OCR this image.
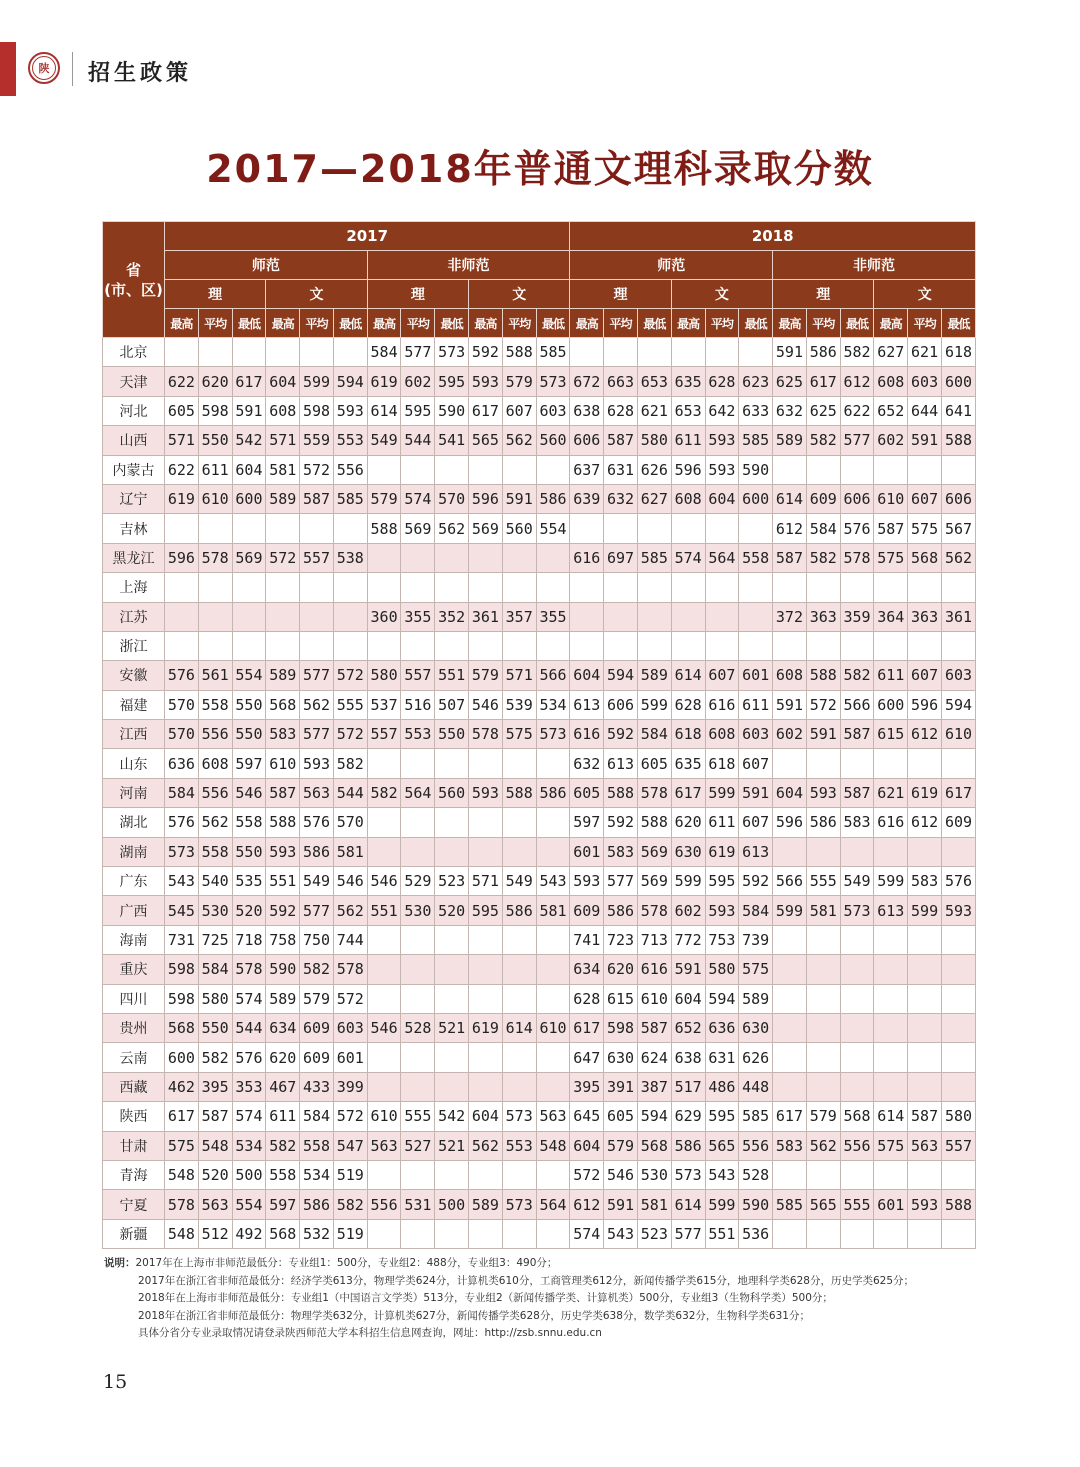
陕 招生政策
2017—2018年普通文理科录取分数
省
(市、区)	2017												2018											
	师范						非师范						师范						非师范					
	理			文			理			文			理			文			理			文		
	最高	平均	最低	最高	平均	最低	最高	平均	最低	最高	平均	最低	最高	平均	最低	最高	平均	最低	最高	平均	最低	最高	平均	最低
北京							584	577	573	592	588	585							591	586	582	627	621	618
天津	622	620	617	604	599	594	619	602	595	593	579	573	672	663	653	635	628	623	625	617	612	608	603	600
河北	605	598	591	608	598	593	614	595	590	617	607	603	638	628	621	653	642	633	632	625	622	652	644	641
山西	571	550	542	571	559	553	549	544	541	565	562	560	606	587	580	611	593	585	589	582	577	602	591	588
内蒙古	622	611	604	581	572	556							637	631	626	596	593	590						
辽宁	619	610	600	589	587	585	579	574	570	596	591	586	639	632	627	608	604	600	614	609	606	610	607	606
吉林							588	569	562	569	560	554							612	584	576	587	575	567
黑龙江	596	578	569	572	557	538							616	697	585	574	564	558	587	582	578	575	568	562
上海																								
江苏							360	355	352	361	357	355							372	363	359	364	363	361
浙江																								
安徽	576	561	554	589	577	572	580	557	551	579	571	566	604	594	589	614	607	601	608	588	582	611	607	603
福建	570	558	550	568	562	555	537	516	507	546	539	534	613	606	599	628	616	611	591	572	566	600	596	594
江西	570	556	550	583	577	572	557	553	550	578	575	573	616	592	584	618	608	603	602	591	587	615	612	610
山东	636	608	597	610	593	582							632	613	605	635	618	607						
河南	584	556	546	587	563	544	582	564	560	593	588	586	605	588	578	617	599	591	604	593	587	621	619	617
湖北	576	562	558	588	576	570							597	592	588	620	611	607	596	586	583	616	612	609
湖南	573	558	550	593	586	581							601	583	569	630	619	613						
广东	543	540	535	551	549	546	546	529	523	571	549	543	593	577	569	599	595	592	566	555	549	599	583	576
广西	545	530	520	592	577	562	551	530	520	595	586	581	609	586	578	602	593	584	599	581	573	613	599	593
海南	731	725	718	758	750	744							741	723	713	772	753	739						
重庆	598	584	578	590	582	578							634	620	616	591	580	575						
四川	598	580	574	589	579	572							628	615	610	604	594	589						
贵州	568	550	544	634	609	603	546	528	521	619	614	610	617	598	587	652	636	630						
云南	600	582	576	620	609	601							647	630	624	638	631	626						
西藏	462	395	353	467	433	399							395	391	387	517	486	448						
陕西	617	587	574	611	584	572	610	555	542	604	573	563	645	605	594	629	595	585	617	579	568	614	587	580
甘肃	575	548	534	582	558	547	563	527	521	562	553	548	604	579	568	586	565	556	583	562	556	575	563	557
青海	548	520	500	558	534	519							572	546	530	573	543	528						
宁夏	578	563	554	597	586	582	556	531	500	589	573	564	612	591	581	614	599	590	585	565	555	601	593	588
新疆	548	512	492	568	532	519							574	543	523	577	551	536						
说明：2017年在上海市非师范最低分：专业组1：500分，专业组2：488分，专业组3：490分；
2017年在浙江省非师范最低分：经济学类613分，物理学类624分，计算机类610分，工商管理类612分，新闻传播学类615分，地理科学类628分，历史学类625分；
2018年在上海市非师范最低分：专业组1（中国语言文学类）513分，专业组2（新闻传播学类、计算机类）500分，专业组3（生物科学类）500分；
2018年在浙江省非师范最低分：物理学类632分，计算机类627分，新闻传播学类628分，历史学类638分，数学类632分，生物科学类631分；
具体分省分专业录取情况请登录陕西师范大学本科招生信息网查询，网址：http://zsb.snnu.edu.cn
15
